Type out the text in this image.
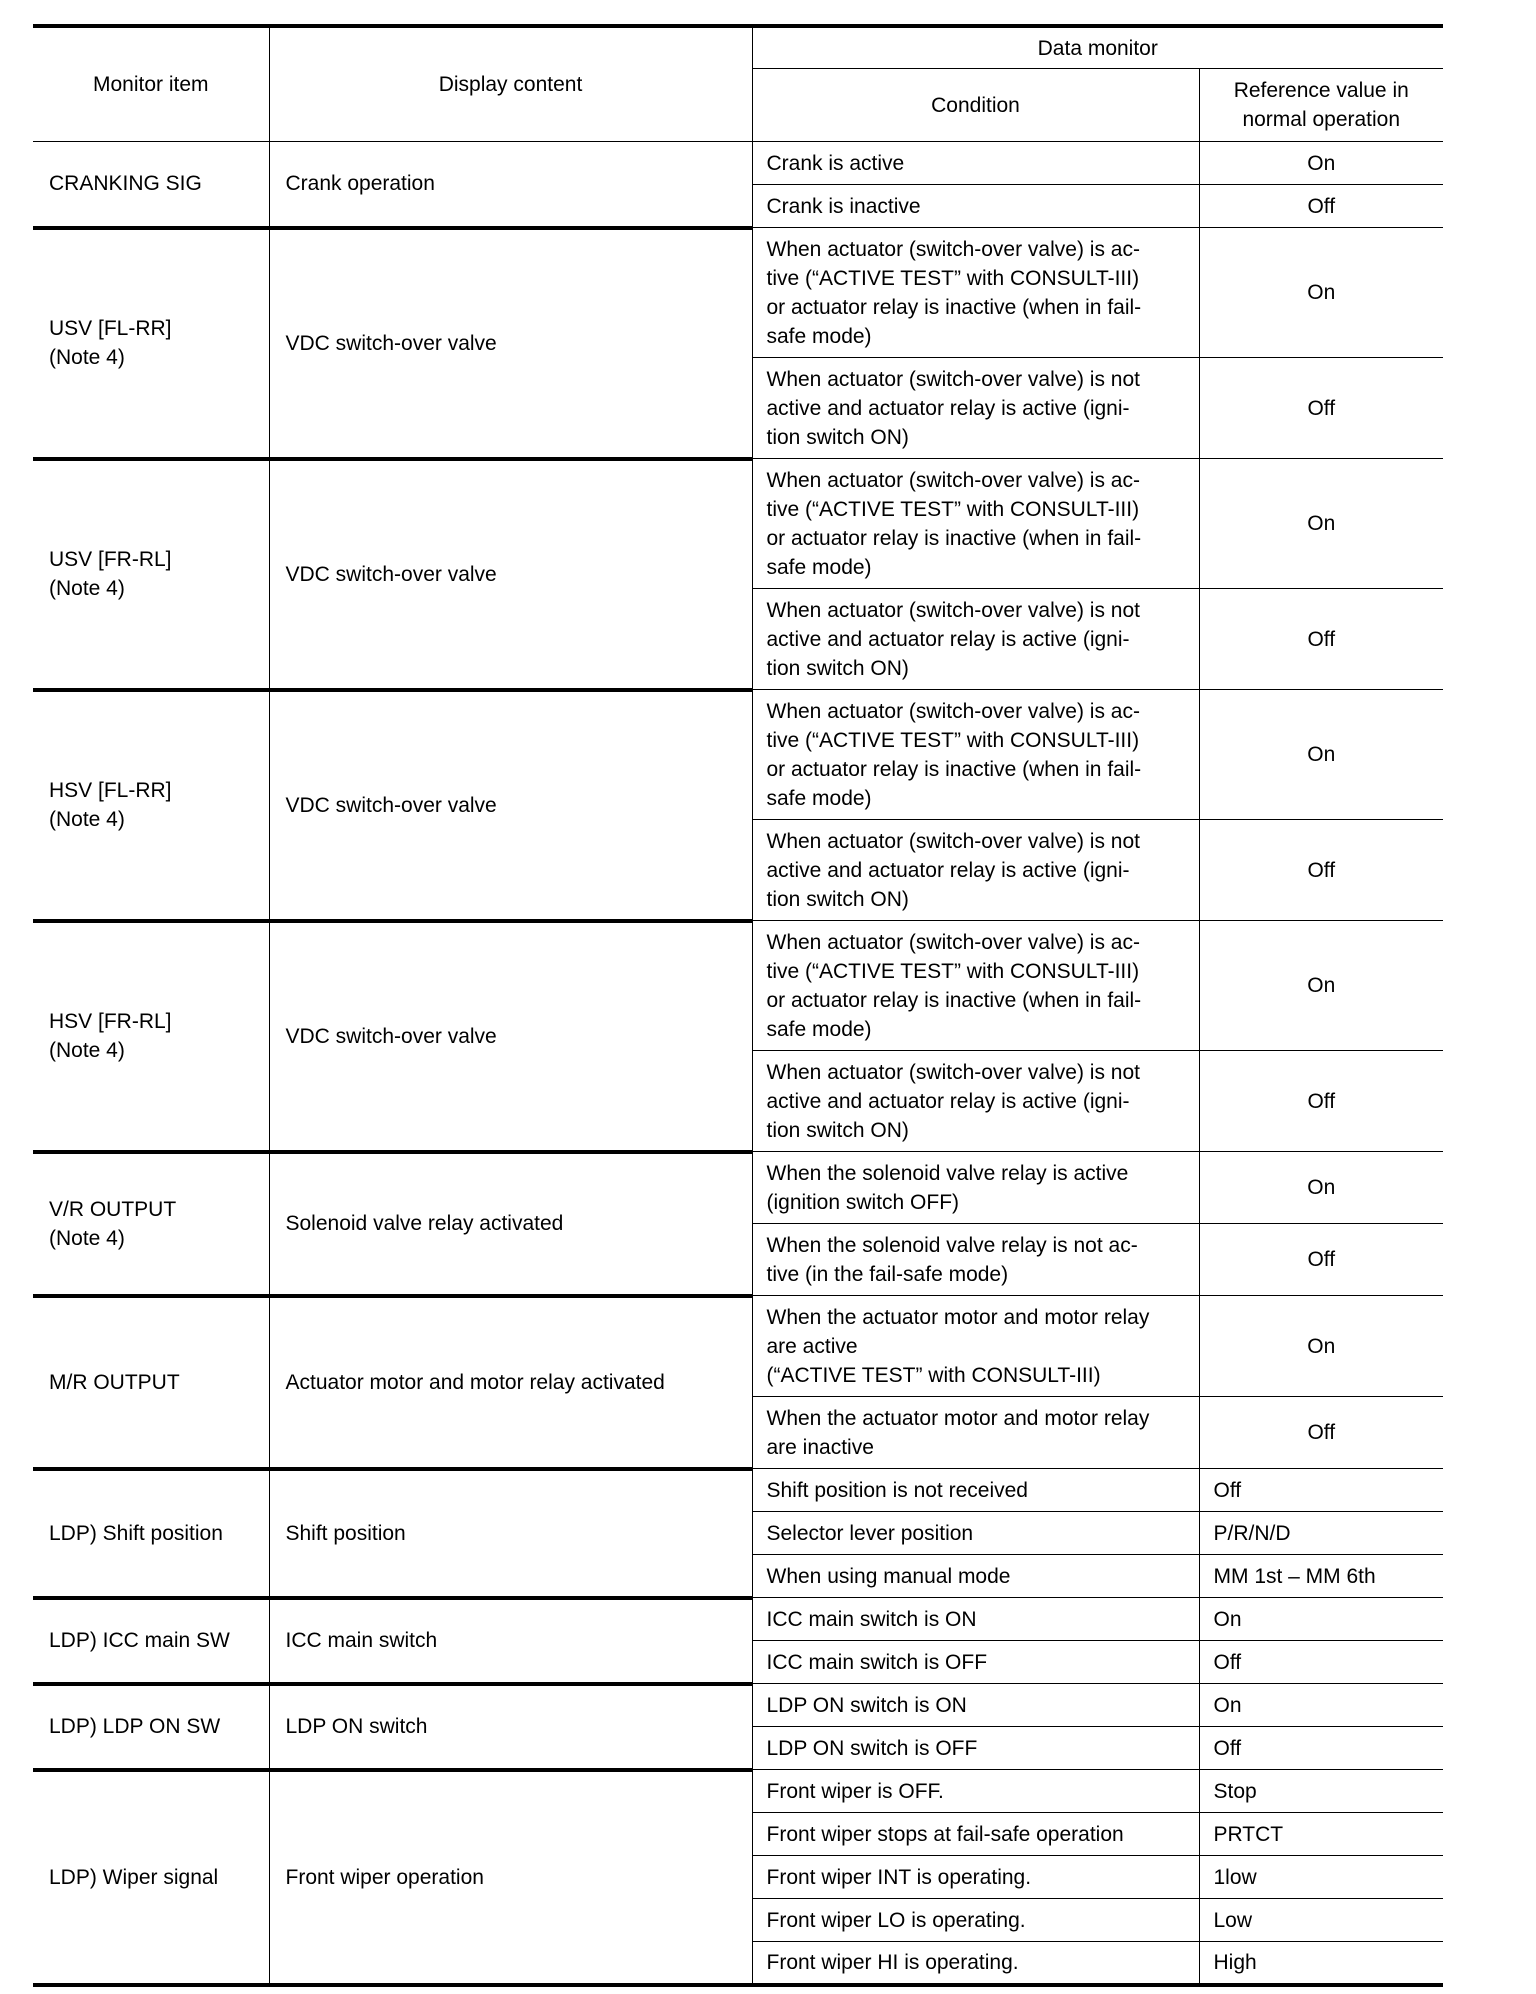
Monitor item	Display content	Data monitor	
		Condition	Reference value in
normal operation

CRANKING SIG	Crank operation	Crank is active	On

		Crank is inactive	Off

USV [FL-RR]
(Note 4)	VDC switch-over valve	When actuator (switch-over valve) is ac-
tive (“ACTIVE TEST” with CONSULT-III)
or actuator relay is inactive (when in fail-
safe mode)	On

		When actuator (switch-over valve) is not
active and actuator relay is active (igni-
tion switch ON)	Off

USV [FR-RL]
(Note 4)	VDC switch-over valve	When actuator (switch-over valve) is ac-
tive (“ACTIVE TEST” with CONSULT-III)
or actuator relay is inactive (when in fail-
safe mode)	On

		When actuator (switch-over valve) is not
active and actuator relay is active (igni-
tion switch ON)	Off

HSV [FL-RR]
(Note 4)	VDC switch-over valve	When actuator (switch-over valve) is ac-
tive (“ACTIVE TEST” with CONSULT-III)
or actuator relay is inactive (when in fail-
safe mode)	On

		When actuator (switch-over valve) is not
active and actuator relay is active (igni-
tion switch ON)	Off

HSV [FR-RL]
(Note 4)	VDC switch-over valve	When actuator (switch-over valve) is ac-
tive (“ACTIVE TEST” with CONSULT-III)
or actuator relay is inactive (when in fail-
safe mode)	On

		When actuator (switch-over valve) is not
active and actuator relay is active (igni-
tion switch ON)	Off

V/R OUTPUT
(Note 4)	Solenoid valve relay activated	When the solenoid valve relay is active
(ignition switch OFF)	On

		When the solenoid valve relay is not ac-
tive (in the fail-safe mode)	Off

M/R OUTPUT	Actuator motor and motor relay activated	When the actuator motor and motor relay
are active
(“ACTIVE TEST” with CONSULT-III)	On

		When the actuator motor and motor relay
are inactive	Off

LDP) Shift position	Shift position	Shift position is not received	Off

		Selector lever position	P/R/N/D

		When using manual mode	MM 1st – MM 6th

LDP) ICC main SW	ICC main switch	ICC main switch is ON	On

		ICC main switch is OFF	Off

LDP) LDP ON SW	LDP ON switch	LDP ON switch is ON	On

		LDP ON switch is OFF	Off

LDP) Wiper signal	Front wiper operation	Front wiper is OFF.	Stop

		Front wiper stops at fail-safe operation	PRTCT

		Front wiper INT is operating.	1low

		Front wiper LO is operating.	Low

		Front wiper HI is operating.	High
